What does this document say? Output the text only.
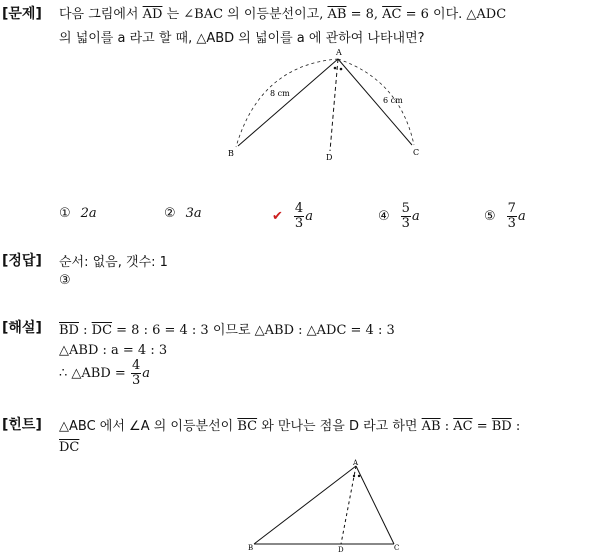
[문제] 다음 그림에서 $\overline{AD}$ 는 ∠BAC 의 이등분선이고, $\overline{AB} = 8$, $\overline{AC} = 6$ 이다. △ADC
의 넓이를 a 라고 할 때, △ABD 의 넓이를 a 에 관하여 나타내면?
A
B	D
C
8 cm
6 cm
① 2a	② 3a	✔ $\frac{4}{3}$ a	④ $\frac{5}{3}$ a	⑤ $\frac{7}{3}$ a
[정답] 순서: 없음, 갯수: 1
③
[해설] $\overline{BD}$ : $\overline{DC} = 8$ : 6 = 4 : 3 이므로 △ABD : △ADC = 4 : 3
△ABD : a = 4 : 3
∴ △ABD = $\frac{4}{3}$ a
[힌트] △ABC 에서 ∠A 의 이등분선이 $\overline{BC}$ 와 만나는 점을 D 라고 하면 $\overline{AB}$ : $\overline{AC} = \overline{BD}$ :
$\overline{DC}$
A
B	D	C
